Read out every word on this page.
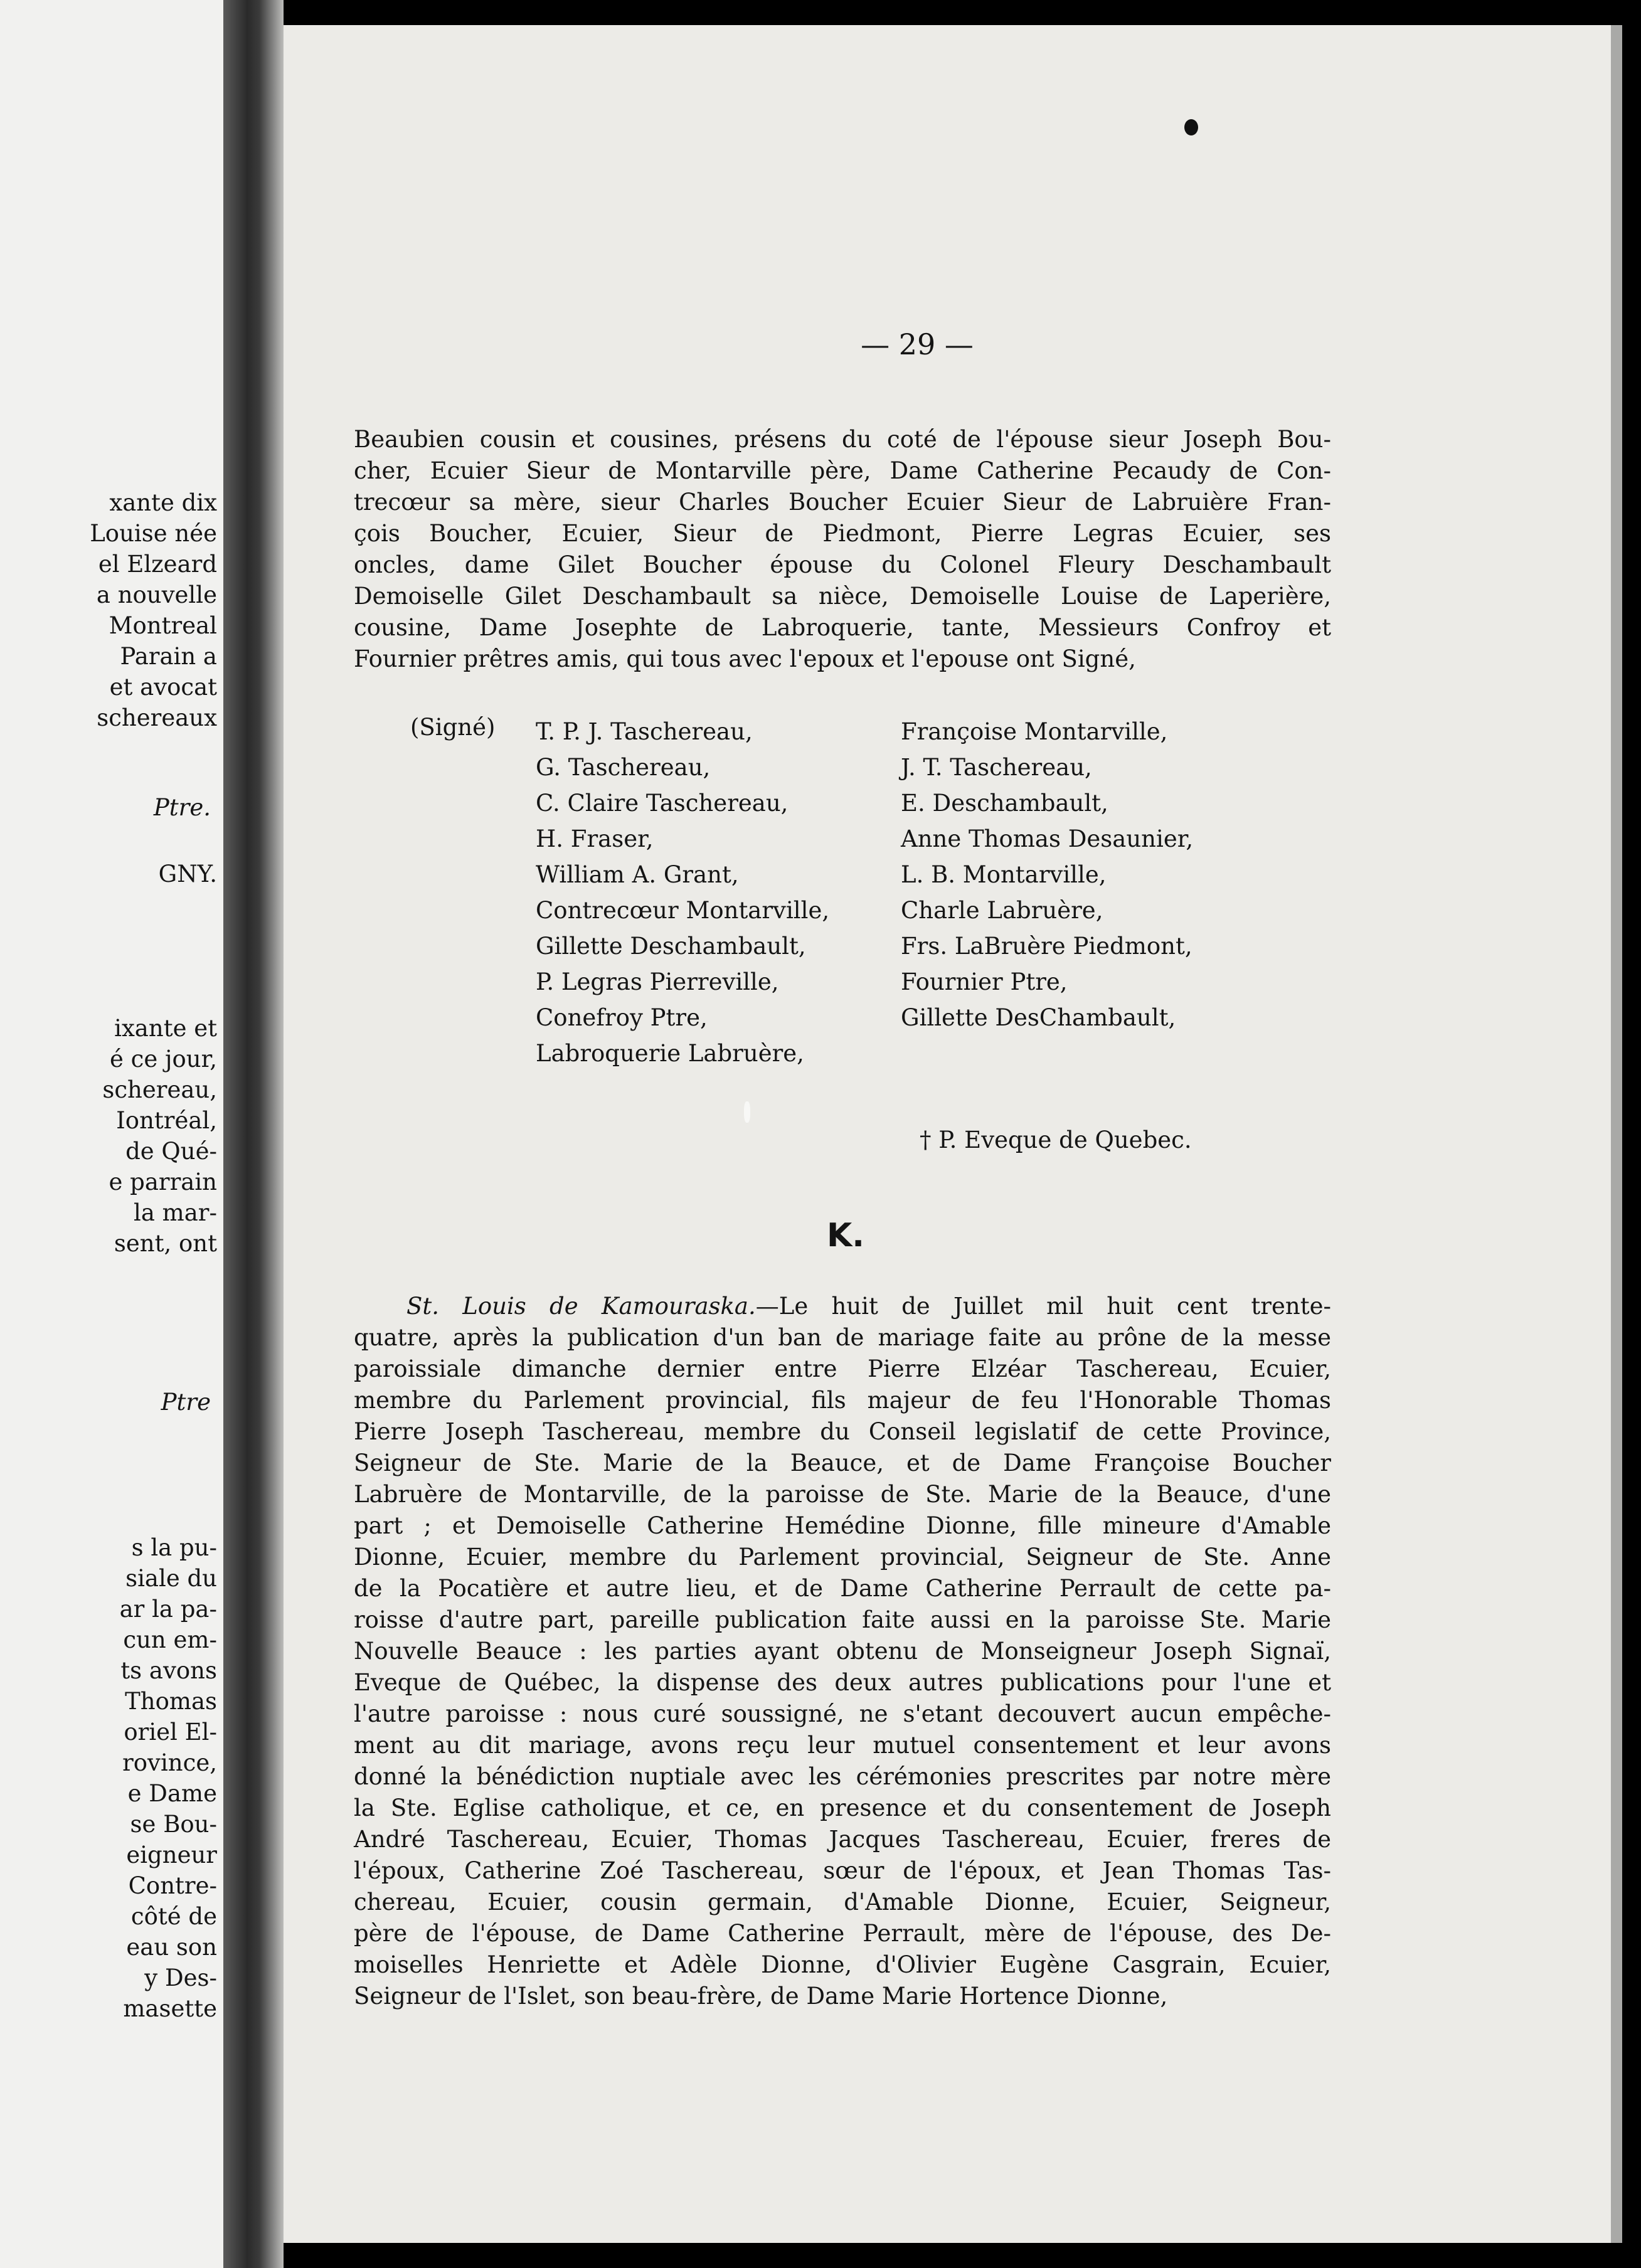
xante dix
Louise née
el Elzeard
a nouvelle
Montreal
Parain a
et avocat
schereaux
Ptre.
GNY.
ixante et
é ce jour,
schereau,
Iontréal,
de Qué-
e parrain
la mar-
sent, ont
Ptre
s la pu-
siale du
ar la pa-
cun em-
ts avons
Thomas
oriel El-
rovince,
e Dame
se Bou-
eigneur
Contre-
côté de
eau son
y Des-
masette
— 29 —
Beaubien cousin et cousines, présens du coté de l'épouse sieur Joseph Bou-
cher, Ecuier Sieur de Montarville père, Dame Catherine Pecaudy de Con-
trecœur sa mère, sieur Charles Boucher Ecuier Sieur de Labruière Fran-
çois Boucher, Ecuier, Sieur de Piedmont, Pierre Legras Ecuier, ses
oncles, dame Gilet Boucher épouse du Colonel Fleury Deschambault
Demoiselle Gilet Deschambault sa nièce, Demoiselle Louise de Laperière,
cousine, Dame Josephte de Labroquerie, tante, Messieurs Confroy et
Fournier prêtres amis, qui tous avec l'epoux et l'epouse ont Signé,
(Signé) T. P. J. Taschereau,
G. Taschereau,
C. Claire Taschereau,
H. Fraser,
William A. Grant,
Contrecœur Montarville,
Gillette Deschambault,
P. Legras Pierreville,
Conefroy Ptre,
Labroquerie Labruère,
Françoise Montarville,
J. T. Taschereau,
E. Deschambault,
Anne Thomas Desaunier,
L. B. Montarville,
Charle Labruère,
Frs. LaBruère Piedmont,
Fournier Ptre,
Gillette DesChambault,
† P. Eveque de Quebec.
K.
St. Louis de Kamouraska.—Le huit de Juillet mil huit cent trente-
quatre, après la publication d'un ban de mariage faite au prône de la messe
paroissiale dimanche dernier entre Pierre Elzéar Taschereau, Ecuier,
membre du Parlement provincial, fils majeur de feu l'Honorable Thomas
Pierre Joseph Taschereau, membre du Conseil legislatif de cette Province,
Seigneur de Ste. Marie de la Beauce, et de Dame Françoise Boucher
Labruère de Montarville, de la paroisse de Ste. Marie de la Beauce, d'une
part ; et Demoiselle Catherine Hemédine Dionne, fille mineure d'Amable
Dionne, Ecuier, membre du Parlement provincial, Seigneur de Ste. Anne
de la Pocatière et autre lieu, et de Dame Catherine Perrault de cette pa-
roisse d'autre part, pareille publication faite aussi en la paroisse Ste. Marie
Nouvelle Beauce : les parties ayant obtenu de Monseigneur Joseph Signaï,
Eveque de Québec, la dispense des deux autres publications pour l'une et
l'autre paroisse : nous curé soussigné, ne s'etant decouvert aucun empêche-
ment au dit mariage, avons reçu leur mutuel consentement et leur avons
donné la bénédiction nuptiale avec les cérémonies prescrites par notre mère
la Ste. Eglise catholique, et ce, en presence et du consentement de Joseph
André Taschereau, Ecuier, Thomas Jacques Taschereau, Ecuier, freres de
l'époux, Catherine Zoé Taschereau, sœur de l'époux, et Jean Thomas Tas-
chereau, Ecuier, cousin germain, d'Amable Dionne, Ecuier, Seigneur,
père de l'épouse, de Dame Catherine Perrault, mère de l'épouse, des De-
moiselles Henriette et Adèle Dionne, d'Olivier Eugène Casgrain, Ecuier,
Seigneur de l'Islet, son beau-frère, de Dame Marie Hortence Dionne,
